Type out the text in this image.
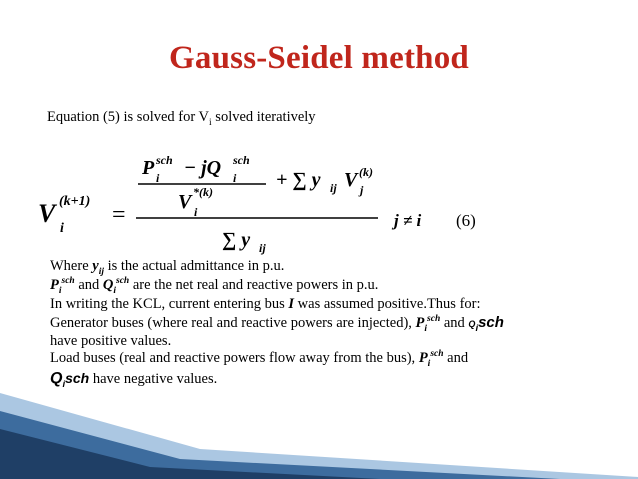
Gauss-Seidel method
Equation (5) is solved for $V_i$ solved iteratively
V (k+1)
i
=
P sch
i − jQ sch
i
V *(k)
i
+ ∑ y ij V (k)
j
∑ y ij
j ≠ i (6)
Where $y_{ij}$ is the actual admittance in p.u.
$P_i^{sch}$ and $Q_i^{sch}$ are the net real and reactive powers in p.u.
In writing the KCL, current entering bus I was assumed positive.Thus for:
Generator buses (where real and reactive powers are injected), $P_i^{sch}$ and $Q_isch$
have positive values.
Load buses (real and reactive powers flow away from the bus), $P_i^{sch}$ and
$Q_isch$ have negative values.
